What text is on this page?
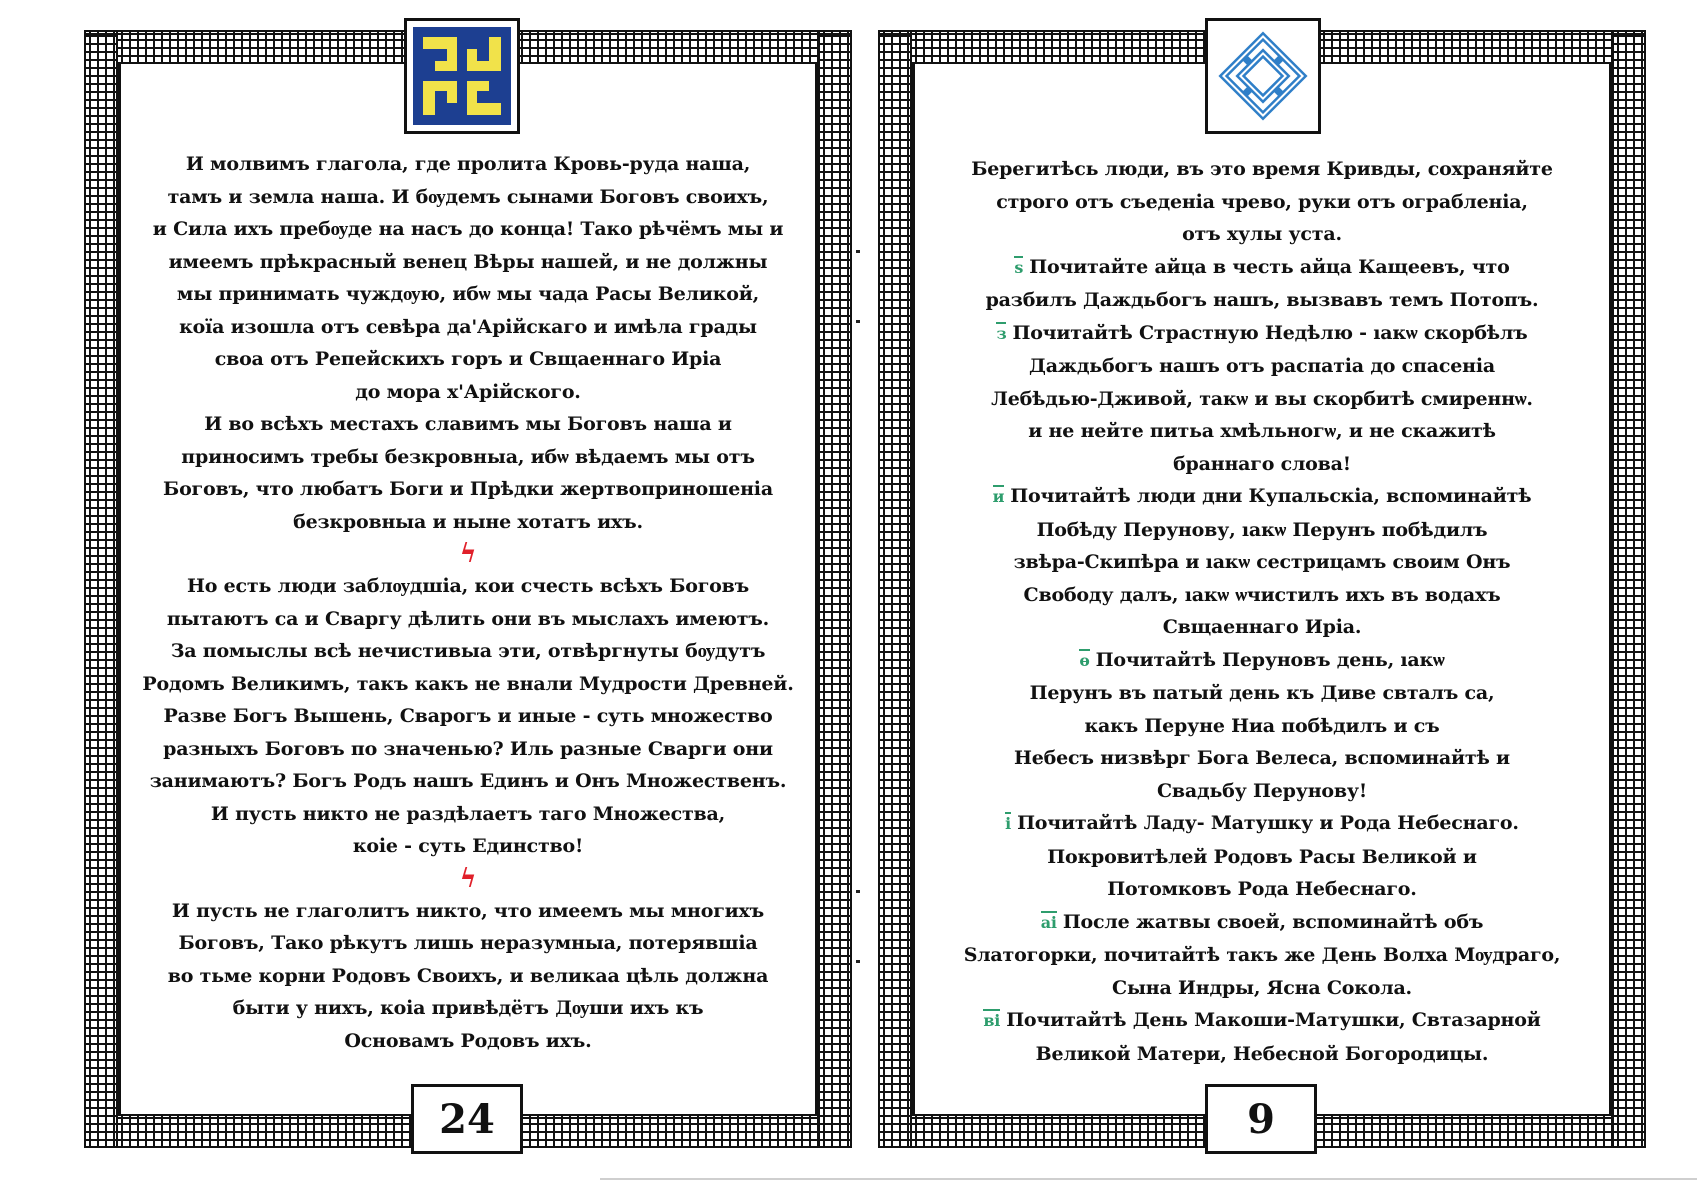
И молвимъ глагола, где пролита Кровь-руда наша,
тамъ и земла наша. И бѹдемъ сынами Боговъ своихъ,
и Сила ихъ пребѹде на насъ до конца! Тако рѣчёмъ мы и
имеемъ прѣкрасный венец Вѣры нашей, и не должны
мы принимать чуждѹю, ибѡ мы чада Расы Великой,
коїа изошла отъ севѣра да'Арійскаго и имѣла грады
своа отъ Репейскихъ горъ и Свщаеннаго Иріа
до мора х'Арійского.
И во всѣхъ местахъ славимъ мы Боговъ наша и
приносимъ требы безкровныа, ибѡ вѣдаемъ мы отъ
Боговъ, что любатъ Боги и Прѣдки жертвоприношеніа
безкровныа и ныне хотатъ ихъ.
ϟ
Но есть люди заблѹдшіа, кои счесть всѣхъ Боговъ
пытаютъ са и Сваргу дѣлить они въ мыслахъ имеютъ.
За помыслы всѣ нечистивыа эти, отвѣргнуты бѹдутъ
Родомъ Великимъ, такъ какъ не внали Мудрости Древней.
Разве Богъ Вышень, Сварогъ и иные - суть множество
разныхъ Боговъ по значенью? Иль разные Сварги они
занимаютъ? Богъ Родъ нашъ Единъ и Онъ Множественъ.
И пусть никто не раздѣлаетъ таго Множества,
коіе - суть Единство!
ϟ
И пусть не глаголитъ никто, что имеемъ мы многихъ
Боговъ, Тако рѣкутъ лишь неразумныа, потерявшіа
во тьме корни Родовъ Своихъ, и великаа цѣль должна
быти у нихъ, коіа привѣдётъ Дѹши ихъ къ
Основамъ Родовъ ихъ.
24
Берегитѣсь люди, въ это время Кривды, сохраняйте
строго отъ съеденіа чрево, руки отъ ограбленіа,
отъ хулы уста.
ѕ Почитайте айца в честь айца Кащеевъ, что
разбилъ Даждьбогъ нашъ, вызвавъ темъ Потопъ.
з Почитайтѣ Страстную Недѣлю - ıакѡ скорбѣлъ
Даждьбогъ нашъ отъ распатіа до спасеніа
Лебѣдью-Дживой, такѡ и вы скорбитѣ смиреннѡ.
и не нейте питьа хмѣльногѡ, и не скажитѣ
браннаго слова!
и Почитайтѣ люди дни Купальскіа, вспоминайтѣ
Побѣду Перунову, ıакѡ Перунъ побѣдилъ
звѣра-Скипѣра и ıакѡ сестрицамъ своим Онъ
Свободу далъ, ıакѡ ѡчистилъ ихъ въ водахъ
Свщаеннаго Иріа.
ѳ Почитайтѣ Перуновъ день, ıакѡ
Перунъ въ патый день къ Диве свталъ са,
какъ Перуне Ниа побѣдилъ и съ
Небесъ низвѣрг Бога Велеса, вспоминайтѣ и
Свадьбу Перунову!
і Почитайтѣ Ладу- Матушку и Рода Небеснаго.
Покровитѣлей Родовъ Расы Великой и
Потомковъ Рода Небеснаго.
аі После жатвы своей, вспоминайтѣ объ
Ѕлатогорки, почитайтѣ такъ же День Волха Мѹдраго,
Сына Индры, Ясна Сокола.
ві Почитайтѣ День Макоши-Матушки, Свтазарной
Великой Матери, Небесной Богородицы.
9
